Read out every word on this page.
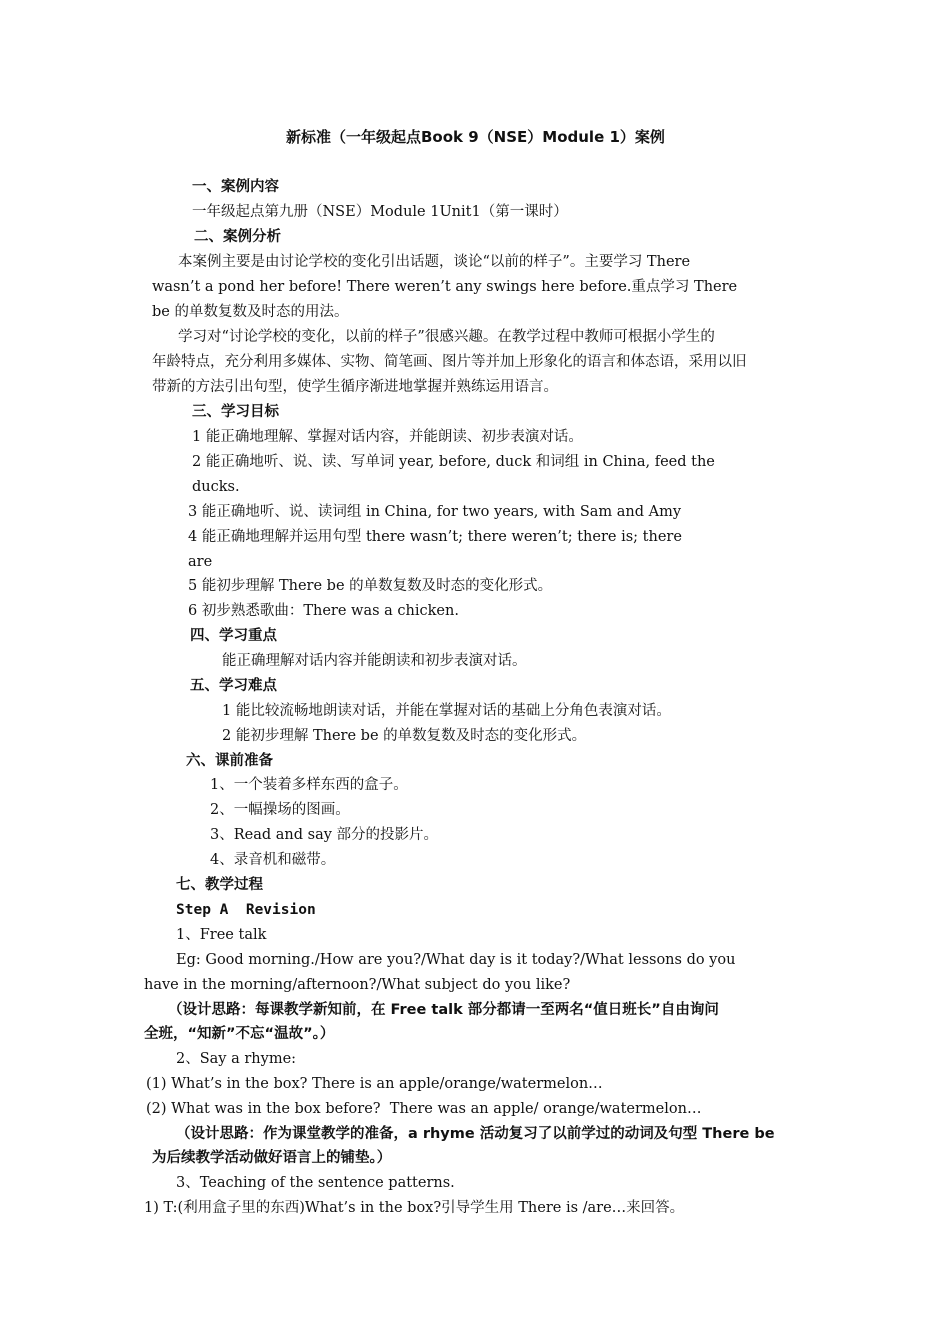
新标准（一年级起点Book 9（NSE）Module 1）案例
一、案例内容
一年级起点第九册（NSE）Module 1Unit1（第一课时）
二、案例分析
本案例主要是由讨论学校的变化引出话题，谈论“以前的样子”。主要学习 There
wasn’t a pond her before! There weren’t any swings here before.重点学习 There
be 的单数复数及时态的用法。
学习对“讨论学校的变化，以前的样子”很感兴趣。在教学过程中教师可根据小学生的
年龄特点，充分利用多媒体、实物、简笔画、图片等并加上形象化的语言和体态语，采用以旧
带新的方法引出句型，使学生循序渐进地掌握并熟练运用语言。
三、学习目标
1 能正确地理解、掌握对话内容，并能朗读、初步表演对话。
2 能正确地听、说、读、写单词 year, before, duck 和词组 in China, feed the
ducks.
3 能正确地听、说、读词组 in China, for two years, with Sam and Amy
4 能正确地理解并运用句型 there wasn’t; there weren’t; there is; there
are
5 能初步理解 There be 的单数复数及时态的变化形式。
6 初步熟悉歌曲：There was a chicken.
四、学习重点
能正确理解对话内容并能朗读和初步表演对话。
五、学习难点
1 能比较流畅地朗读对话，并能在掌握对话的基础上分角色表演对话。
2 能初步理解 There be 的单数复数及时态的变化形式。
六、课前准备
1、一个装着多样东西的盒子。
2、一幅操场的图画。
3、Read and say 部分的投影片。
4、录音机和磁带。
七、教学过程
Step A  Revision
1、Free talk
Eg: Good morning./How are you?/What day is it today?/What lessons do you
have in the morning/afternoon?/What subject do you like?
（设计思路：每课教学新知前，在 Free talk 部分都请一至两名“值日班长”自由询问
全班，“知新”不忘“温故”。）
2、Say a rhyme:
(1) What’s in the box? There is an apple/orange/watermelon…
(2) What was in the box before?  There was an apple/ orange/watermelon…
（设计思路：作为课堂教学的准备，a rhyme 活动复习了以前学过的动词及句型 There be
为后续教学活动做好语言上的铺垫。）
3、Teaching of the sentence patterns.
1) T:(利用盒子里的东西)What’s in the box?引导学生用 There is /are…来回答。
